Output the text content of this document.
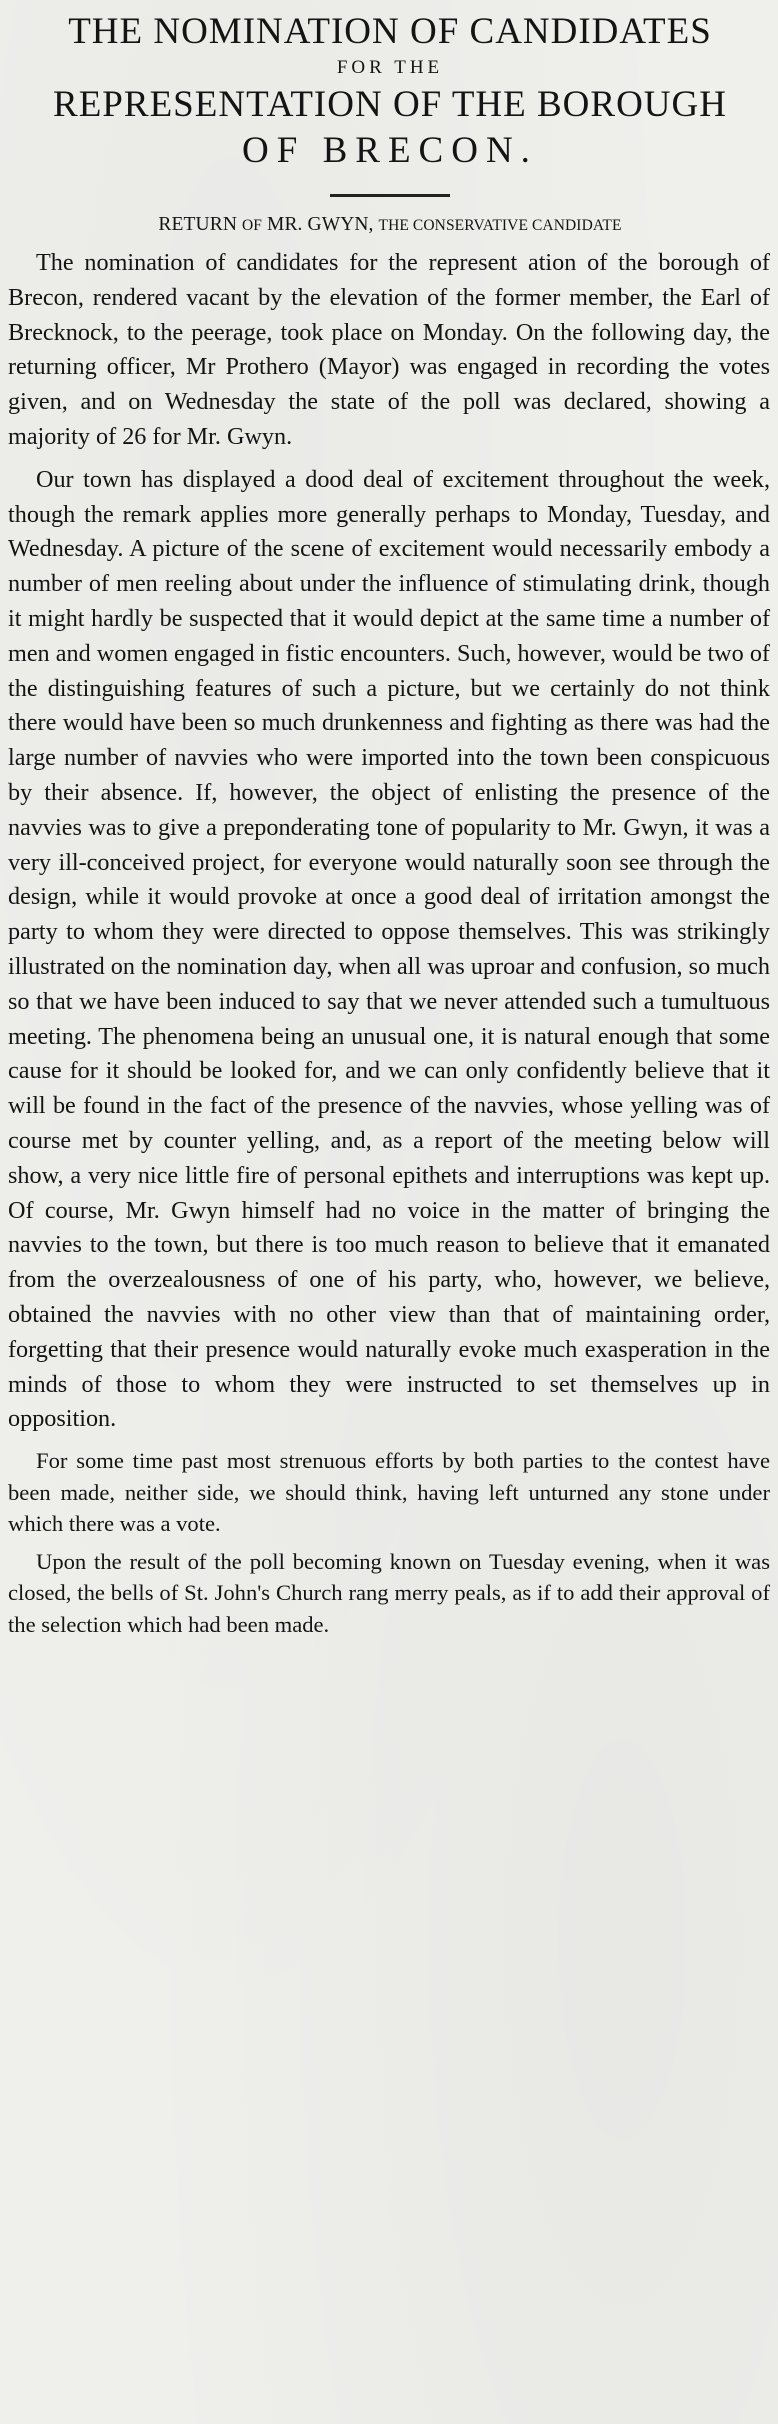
THE NOMINATION OF CANDIDATES
FOR THE
REPRESENTATION OF THE BOROUGH
OF BRECON.
RETURN OF MR. GWYN, THE CONSERVATIVE CANDIDATE

The nomination of candidates for the represent ation of the borough of Brecon, rendered vacant by the elevation of the former member, the Earl of Brecknock, to the peerage, took place on Monday. On the following day, the returning officer, Mr Prothero (Mayor) was engaged in recording the votes given, and on Wednesday the state of the poll was declared, showing a majority of 26 for Mr. Gwyn.

Our town has displayed a dood deal of excitement throughout the week, though the remark applies more generally perhaps to Monday, Tuesday, and Wednesday. A picture of the scene of excitement would necessarily embody a number of men reeling about under the influence of stimulating drink, though it might hardly be suspected that it would depict at the same time a number of men and women engaged in fistic encounters. Such, however, would be two of the distinguishing features of such a picture, but we certainly do not think there would have been so much drunkenness and fighting as there was had the large number of navvies who were imported into the town been conspicuous by their absence. If, however, the object of enlisting the presence of the navvies was to give a preponderating tone of popularity to Mr. Gwyn, it was a very ill-conceived project, for everyone would naturally soon see through the design, while it would provoke at once a good deal of irritation amongst the party to whom they were directed to oppose themselves. This was strikingly illustrated on the nomination day, when all was uproar and confusion, so much so that we have been induced to say that we never attended such a tumultuous meeting. The phenomena being an unusual one, it is natural enough that some cause for it should be looked for, and we can only confidently believe that it will be found in the fact of the presence of the navvies, whose yelling was of course met by counter yelling, and, as a report of the meeting below will show, a very nice little fire of personal epithets and interruptions was kept up. Of course, Mr. Gwyn himself had no voice in the matter of bringing the navvies to the town, but there is too much reason to believe that it emanated from the overzealousness of one of his party, who, however, we believe, obtained the navvies with no other view than that of maintaining order, forgetting that their presence would naturally evoke much exasperation in the minds of those to whom they were instructed to set themselves up in opposition.

For some time past most strenuous efforts by both parties to the contest have been made, neither side, we should think, having left unturned any stone under which there was a vote.

Upon the result of the poll becoming known on Tuesday evening, when it was closed, the bells of St. John's Church rang merry peals, as if to add their approval of the selection which had been made.
